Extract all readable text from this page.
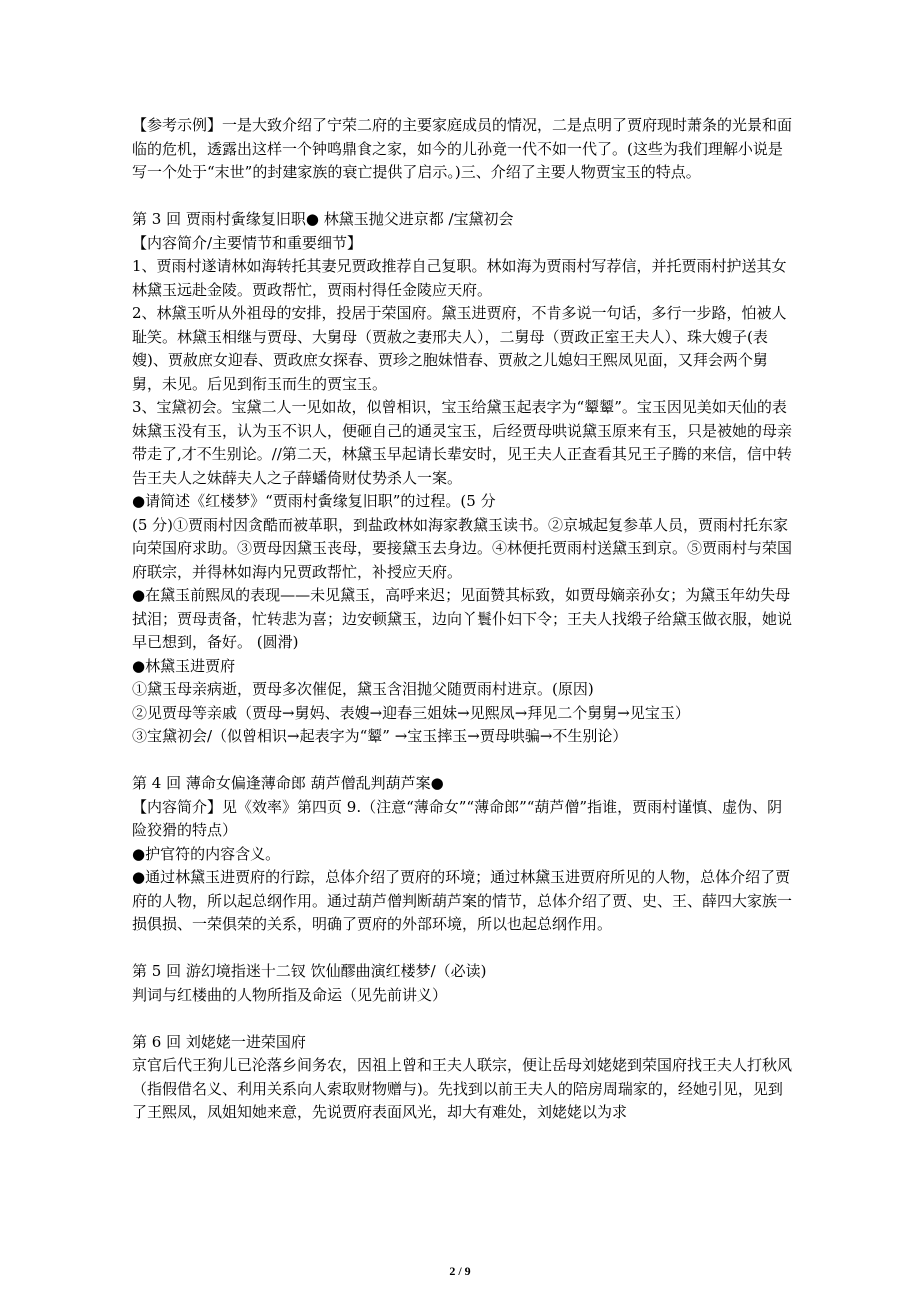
【参考示例】一是大致介绍了宁荣二府的主要家庭成员的情况，二是点明了贾府现时萧条的光景和面临的危机，透露出这样一个钟鸣鼎食之家，如今的儿孙竟一代不如一代了。(这些为我们理解小说是写一个处于“末世”的封建家族的衰亡提供了启示。)三、介绍了主要人物贾宝玉的特点。

第 3 回 贾雨村夤缘复旧职● 林黛玉抛父进京都 /宝黛初会

【内容简介/主要情节和重要细节】

1、贾雨村遂请林如海转托其妻兄贾政推荐自己复职。林如海为贾雨村写荐信，并托贾雨村护送其女林黛玉远赴金陵。贾政帮忙，贾雨村得任金陵应天府。

2、林黛玉听从外祖母的安排，投居于荣国府。黛玉进贾府，不肯多说一句话，多行一步路，怕被人耻笑。林黛玉相继与贾母、大舅母（贾赦之妻邢夫人），二舅母（贾政正室王夫人）、珠大嫂子(表嫂)、贾赦庶女迎春、贾政庶女探春、贾珍之胞妹惜春、贾赦之儿媳妇王熙凤见面，又拜会两个舅舅，未见。后见到衔玉而生的贾宝玉。

3、宝黛初会。宝黛二人一见如故，似曾相识，宝玉给黛玉起表字为“颦颦”。宝玉因见美如天仙的表妹黛玉没有玉，认为玉不识人，便砸自己的通灵宝玉，后经贾母哄说黛玉原来有玉，只是被她的母亲带走了,才不生别论。//第二天，林黛玉早起请长辈安时，见王夫人正查看其兄王子腾的来信，信中转告王夫人之妹薛夫人之子薛蟠倚财仗势杀人一案。

●请简述《红楼梦》“贾雨村夤缘复旧职”的过程。(5 分

(5 分)①贾雨村因贪酷而被革职，到盐政林如海家教黛玉读书。②京城起复参革人员，贾雨村托东家向荣国府求助。③贾母因黛玉丧母，要接黛玉去身边。④林便托贾雨村送黛玉到京。⑤贾雨村与荣国府联宗，并得林如海内兄贾政帮忙，补授应天府。

●在黛玉前熙凤的表现——未见黛玉，高呼来迟；见面赞其标致，如贾母嫡亲孙女；为黛玉年幼失母拭泪；贾母责备，忙转悲为喜；边安顿黛玉，边向丫鬟仆妇下令；王夫人找缎子给黛玉做衣服，她说早已想到，备好。 (圆滑)

●林黛玉进贾府

①黛玉母亲病逝，贾母多次催促，黛玉含泪抛父随贾雨村进京。(原因)

②见贾母等亲戚（贾母→舅妈、表嫂→迎春三姐妹→见熙凤→拜见二个舅舅→见宝玉）

③宝黛初会/（似曾相识→起表字为“颦” →宝玉摔玉→贾母哄骗→不生别论）

第 4 回 薄命女偏逢薄命郎 葫芦僧乱判葫芦案●

【内容简介】见《效率》第四页 9.（注意“薄命女”“薄命郎”“葫芦僧”指谁，贾雨村谨慎、虚伪、阴险狡猾的特点）

●护官符的内容含义。

●通过林黛玉进贾府的行踪，总体介绍了贾府的环境；通过林黛玉进贾府所见的人物，总体介绍了贾府的人物，所以起总纲作用。通过葫芦僧判断葫芦案的情节，总体介绍了贾、史、王、薛四大家族一损俱损、一荣俱荣的关系，明确了贾府的外部环境，所以也起总纲作用。

第 5 回 游幻境指迷十二钗 饮仙醪曲演红楼梦/（必读)

判词与红楼曲的人物所指及命运（见先前讲义）

第 6 回 刘姥姥一进荣国府

京官后代王狗儿已沦落乡间务农，因祖上曾和王夫人联宗，便让岳母刘姥姥到荣国府找王夫人打秋风（指假借名义、利用关系向人索取财物赠与)。先找到以前王夫人的陪房周瑞家的，经她引见，见到了王熙凤，凤姐知她来意，先说贾府表面风光，却大有难处，刘姥姥以为求

2 / 9
